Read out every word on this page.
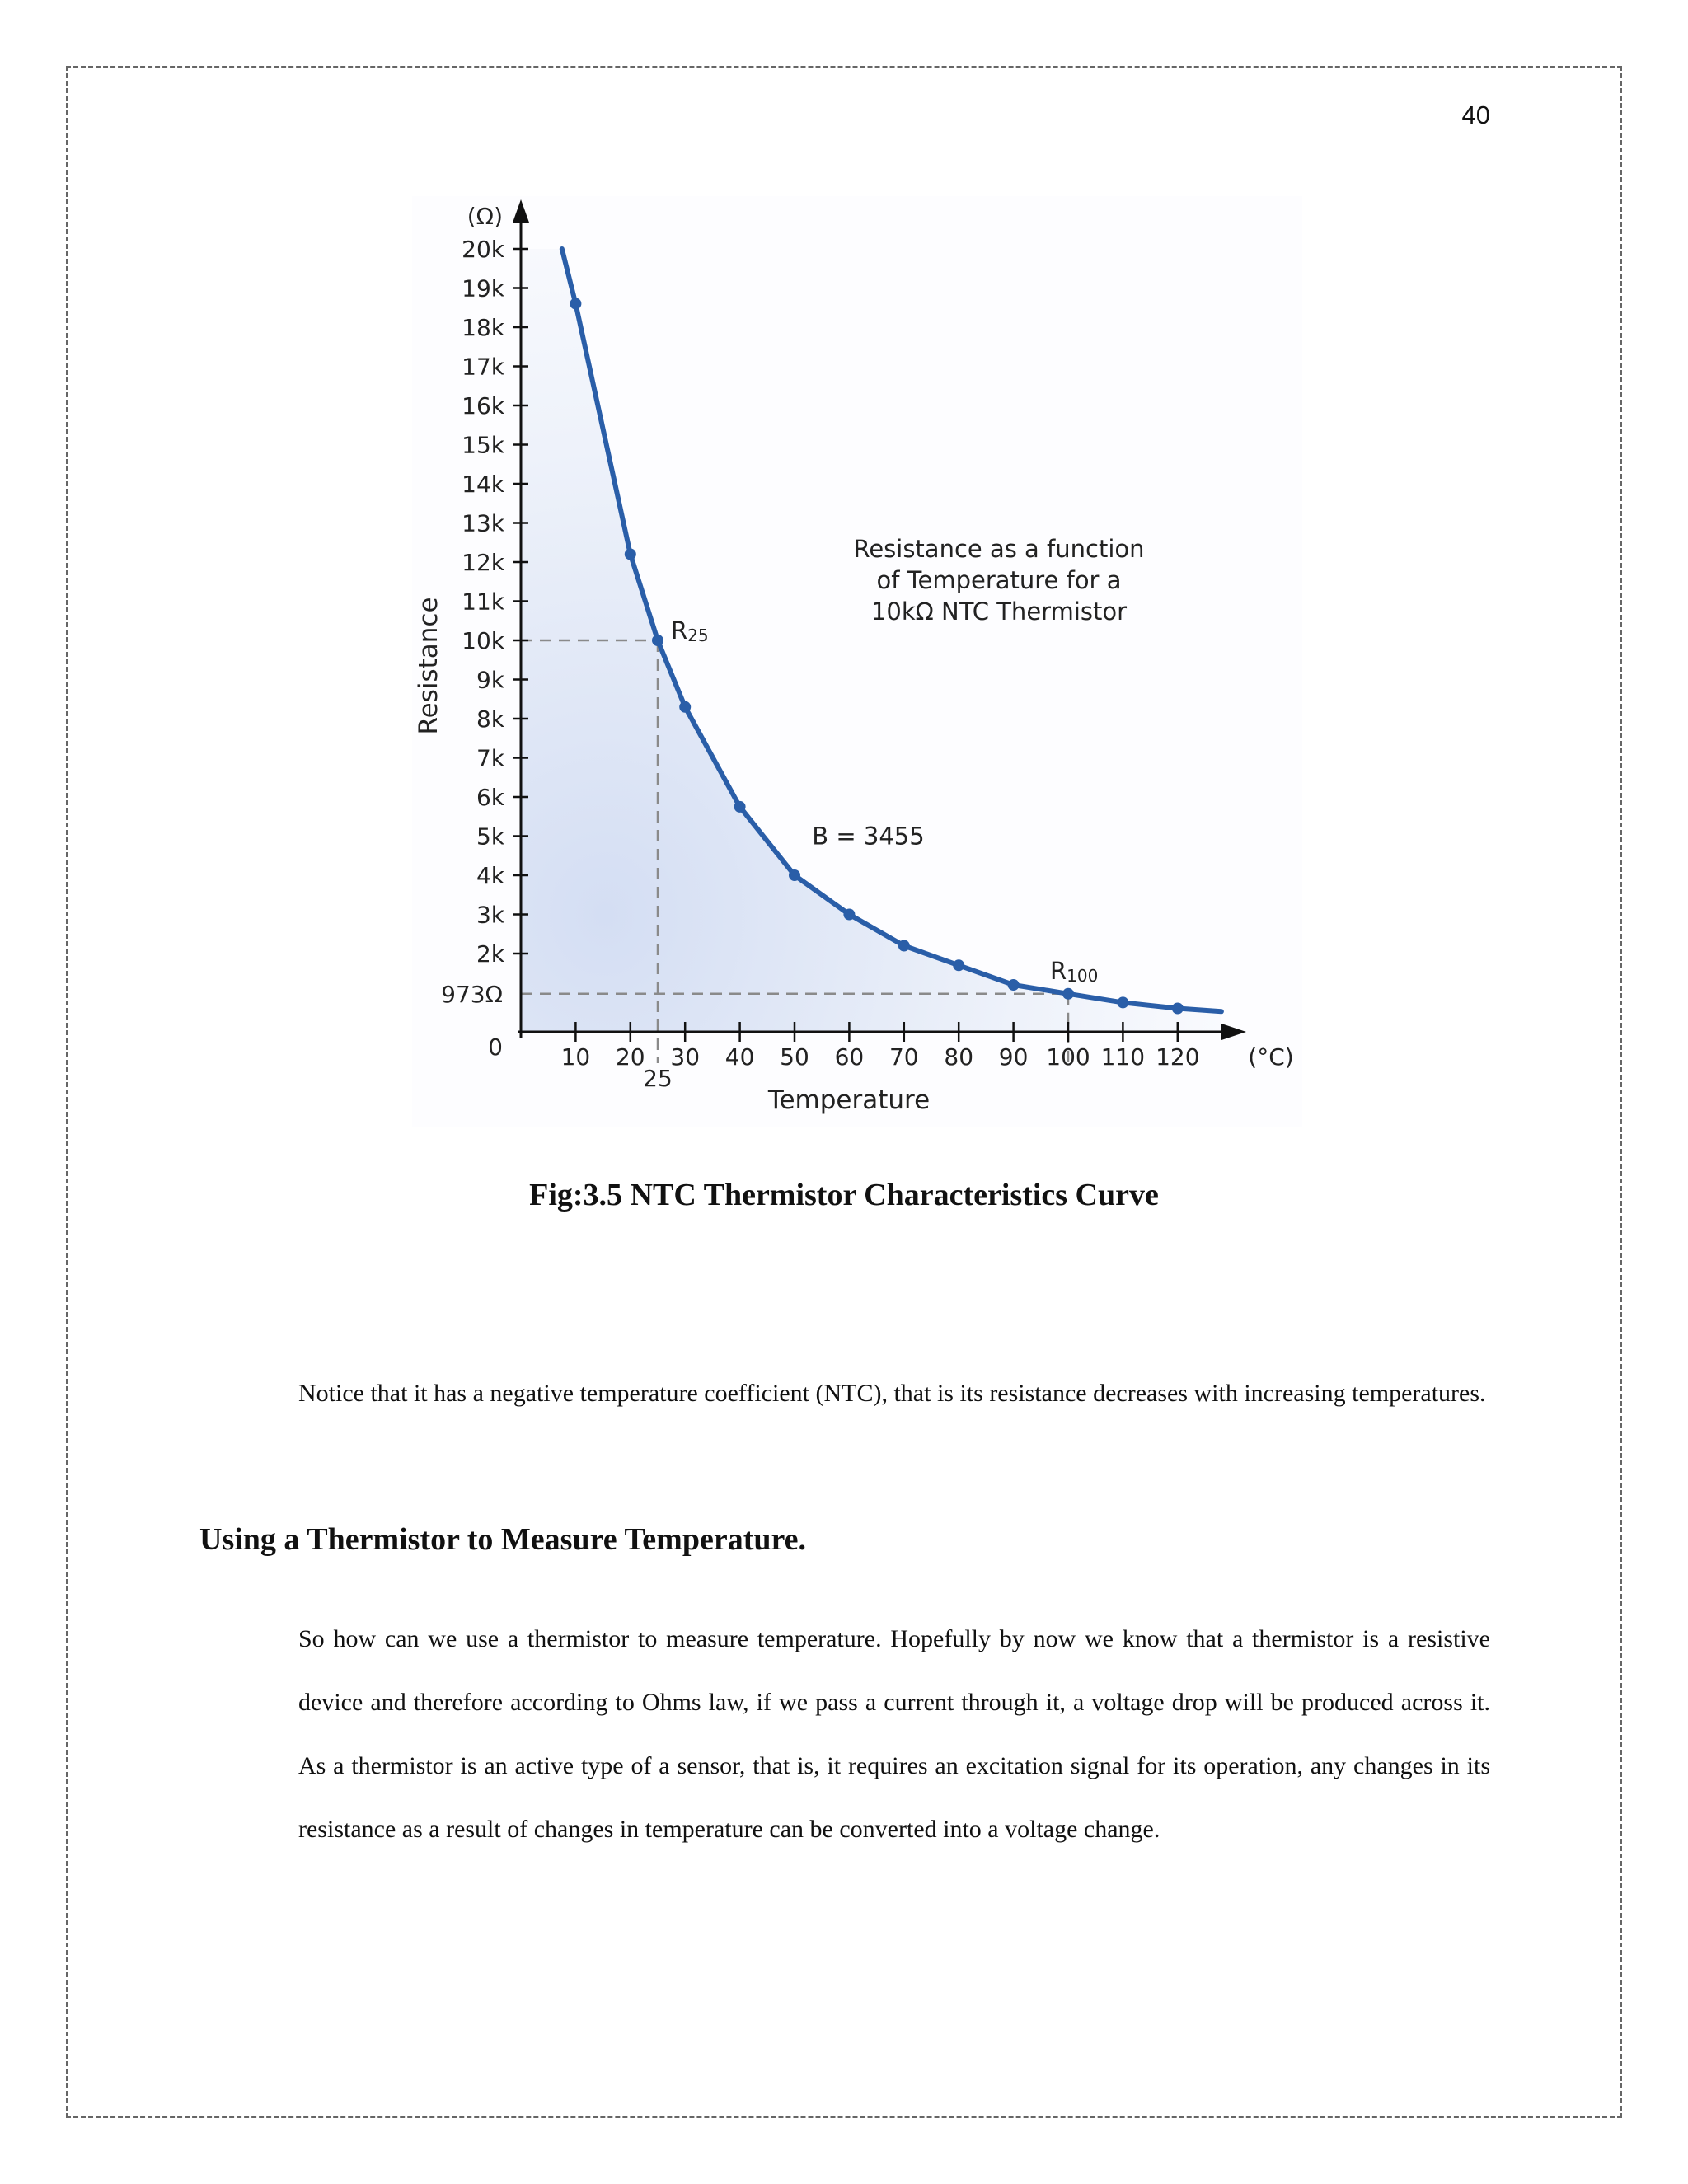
40
2k
3k
4k
5k
6k
7k
8k
9k
10k
11k
12k
13k
14k
15k
16k
17k
18k
19k
20k
973Ω
0	10 20 30 40 50 60 70 80 90 100 110 120
25
(Ω)
(°C)
Temperature
Resistance	R25
R100
B = 3455
Resistance as a function
of Temperature for a
10kΩ NTC Thermistor
Fig:3.5 NTC Thermistor Characteristics Curve

Notice that it has a negative temperature coefficient (NTC), that is its resistance decreases with increasing temperatures.

Using a Thermistor to Measure Temperature.

So how can we use a thermistor to measure temperature. Hopefully by now we know that a thermistor is a resistive device and therefore according to Ohms law, if we pass a current through it, a voltage drop will be produced across it. As a thermistor is an active type of a sensor, that is, it requires an excitation signal for its operation, any changes in its resistance as a result of changes in temperature can be converted into a voltage change.
